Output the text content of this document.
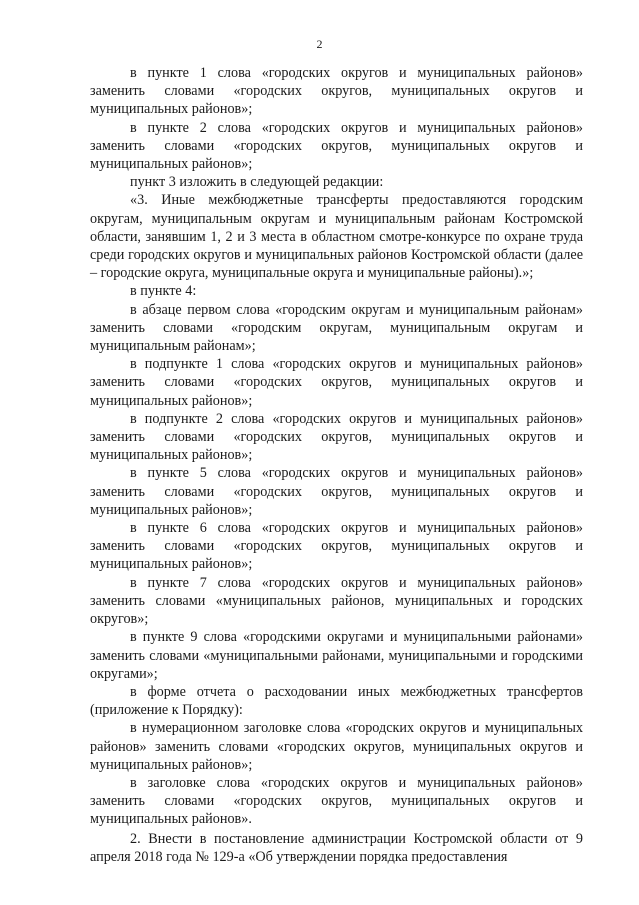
2

в пункте 1 слова «городских округов и муниципальных районов» заменить словами «городских округов, муниципальных округов и муниципальных районов»;

в пункте 2 слова «городских округов и муниципальных районов» заменить словами «городских округов, муниципальных округов и муниципальных районов»;

пункт 3 изложить в следующей редакции:

«3. Иные межбюджетные трансферты предоставляются городским округам, муниципальным округам и муниципальным районам Костромской области, занявшим 1, 2 и 3 места в областном смотре-конкурсе по охране труда среди городских округов и муниципальных районов Костромской области (далее – городские округа, муниципальные округа и муниципальные районы).»;

в пункте 4:

в абзаце первом слова «городским округам и муниципальным районам» заменить словами «городским округам, муниципальным округам и муниципальным районам»;

в подпункте 1 слова «городских округов и муниципальных районов» заменить словами «городских округов, муниципальных округов и муниципальных районов»;

в подпункте 2 слова «городских округов и муниципальных районов» заменить словами «городских округов, муниципальных округов и муниципальных районов»;

в пункте 5 слова «городских округов и муниципальных районов» заменить словами «городских округов, муниципальных округов и муниципальных районов»;

в пункте 6 слова «городских округов и муниципальных районов» заменить словами «городских округов, муниципальных округов и муниципальных районов»;

в пункте 7 слова «городских округов и муниципальных районов» заменить словами «муниципальных районов, муниципальных и городских округов»;

в пункте 9 слова «городскими округами и муниципальными районами» заменить словами «муниципальными районами, муниципальными и городскими округами»;

в форме отчета о расходовании иных межбюджетных трансфертов (приложение к Порядку):

в нумерационном заголовке слова «городских округов и муниципальных районов» заменить словами «городских округов, муниципальных округов и муниципальных районов»;

в заголовке слова «городских округов и муниципальных районов» заменить словами «городских округов, муниципальных округов и муниципальных районов».

2. Внести в постановление администрации Костромской области от 9 апреля 2018 года № 129-а «Об утверждении порядка предоставления
